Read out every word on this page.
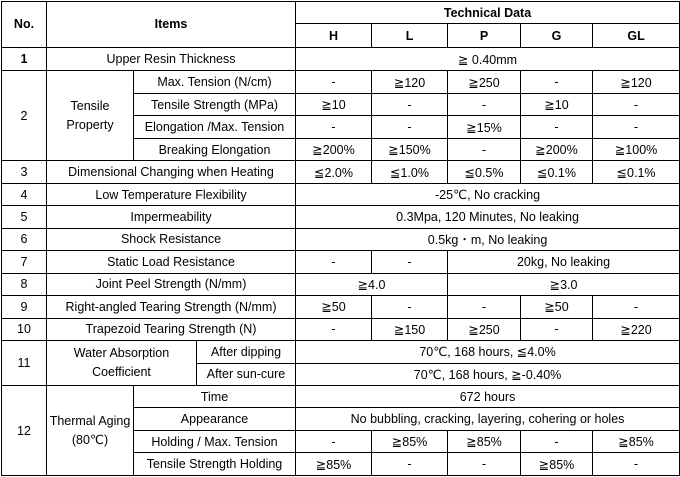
No.	Items			Technical Data				
				H	L	P	G	GL
1	Upper Resin Thickness			≧ 0.40mm				
2	Tensile Property	Max. Tension (N/cm)		-	≧120	≧250	-	≧120
		Tensile Strength (MPa)		≧10	-	-	≧10	-
		Elongation /Max. Tension		-	-	≧15%	-	-
		Breaking Elongation		≧200%	≧150%	-	≧200%	≧100%
3	Dimensional Changing when Heating			≦2.0%	≦1.0%	≦0.5%	≦0.1%	≦0.1%
4	Low Temperature Flexibility			-25℃, No cracking				
5	Impermeability			0.3Mpa, 120 Minutes, No leaking				
6	Shock Resistance			0.5kg・m, No leaking				
7	Static Load Resistance			-	-	20kg, No leaking		
8	Joint Peel Strength (N/mm)			≧4.0		≧3.0		
9	Right-angled Tearing Strength (N/mm)			≧50	-	-	≧50	-
10	Trapezoid Tearing Strength (N)			-	≧150	≧250	-	≧220
11	Water Absorption Coefficient		After dipping	70℃, 168 hours, ≦4.0%				
			After sun-cure	70℃, 168 hours, ≧-0.40%				
12	Thermal Aging (80℃)	Time		672 hours				
		Appearance		No bubbling, cracking, layering, cohering or holes				
		Holding / Max. Tension		-	≧85%	≧85%	-	≧85%
		Tensile Strength Holding		≧85%	-	-	≧85%	-
